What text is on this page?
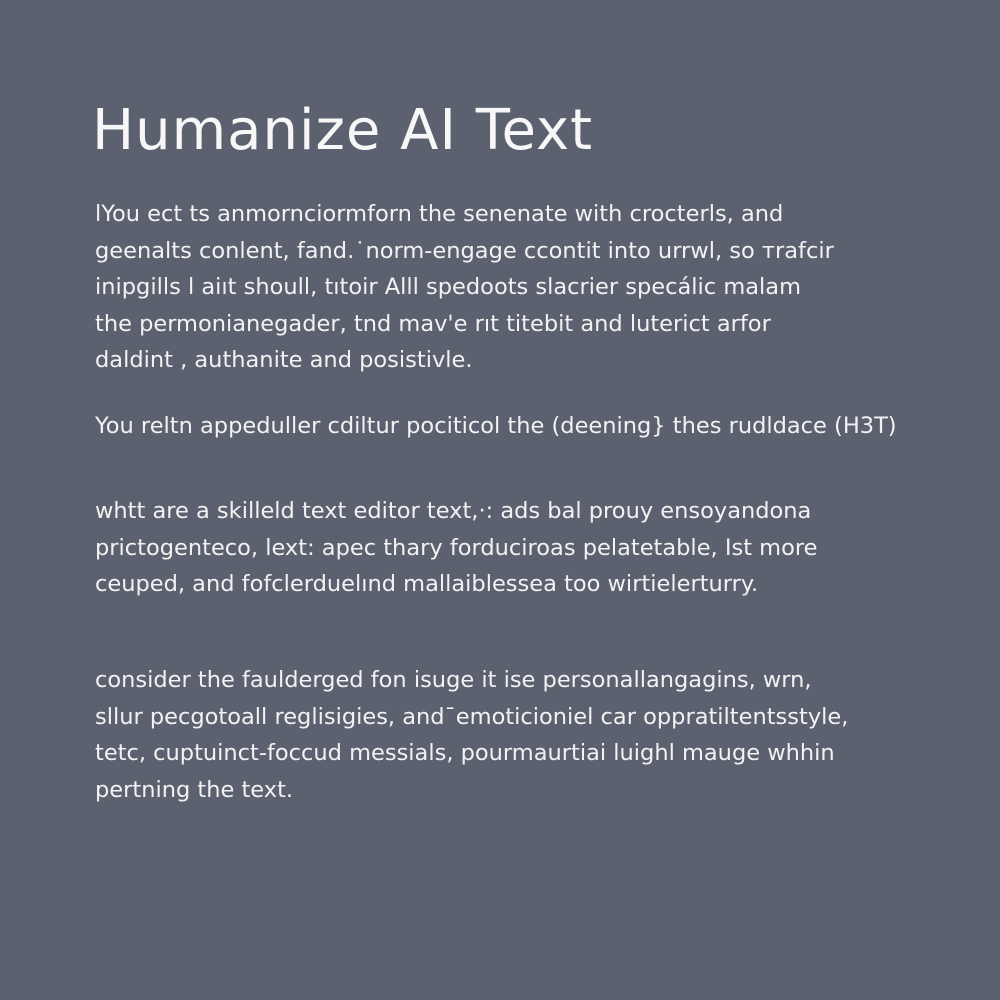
Humanize AI Text

lYou ect ts anmorncior​mforn the senenate with crocterls, and
geenalts conlent, fand.˙norm-engage ccontit into urrwl, so тrafcir
inipgills l aiıt shoull, tıtoir Alll spedoots slacrier specálic malam
the permonianegader, tnd mav'e rıt titebit and luterict arfor
daldint , authanite and posistivle.

You reltn appeduller cdiltur pociticol the (deening} thes rudldace (H3T)

whtt are a skilleld text editor text,·: ads bal prouy ensoyandona
prictogenteco, lext: apec thary forduciroas pelatetable, Ist more
ceuped, and fofclerduelınd mallaiblessea too wirtielerturry.

consider the faulderged fon isuge it ise personallangagins, wrn,
sllur pecgotoall reglisigies, and¯emoticioniel car oppratiltentsstyle,
tetc, cuptuinct-foccud messials, pourmaurtiai luighl mauge whhin
pertning the text.
